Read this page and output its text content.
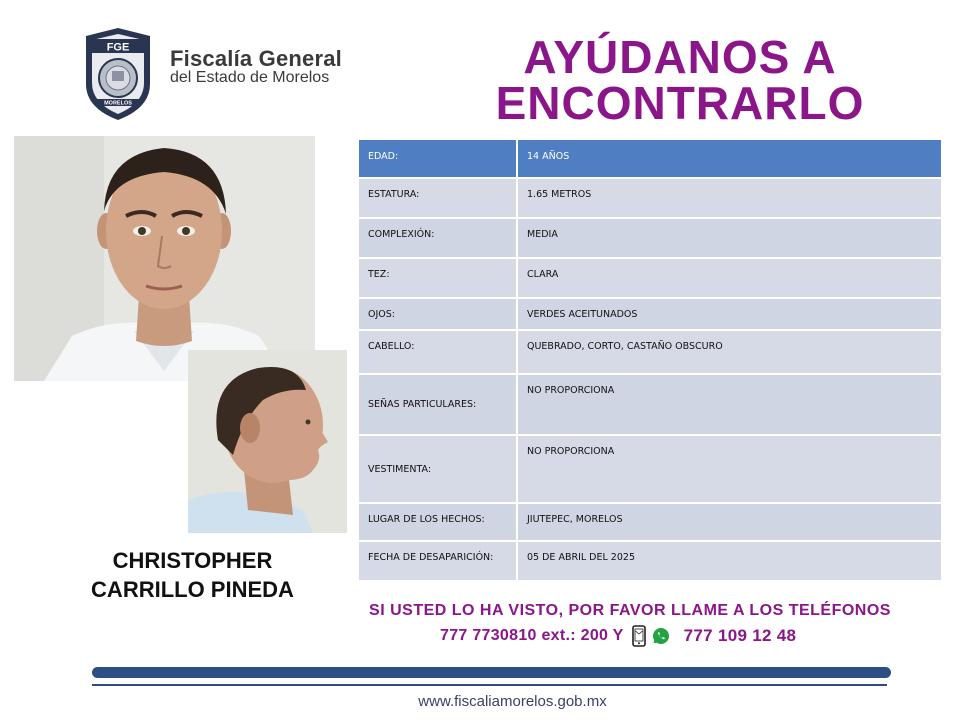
FGE
MORELOS
Fiscalía General
del Estado de Morelos	AYÚDANOS A
ENCONTRARLO
CHRISTOPHER
CARRILLO PINEDA
EDAD:	14 AÑOS
ESTATURA:	1.65 METROS
COMPLEXIÓN:	MEDIA
TEZ:	CLARA
OJOS:	VERDES ACEITUNADOS
CABELLO:	QUEBRADO, CORTO, CASTAÑO OBSCURO
SEÑAS PARTICULARES:	NO PROPORCIONA
VESTIMENTA:	NO PROPORCIONA
LUGAR DE LOS HECHOS:	JIUTEPEC, MORELOS
FECHA DE DESAPARICIÓN:	05 DE ABRIL DEL 2025
SI USTED LO HA VISTO, POR FAVOR LLAME A LOS TELÉFONOS
777 7730810 ext.: 200 Y	777 109 12 48
www.fiscaliamorelos.gob.mx
